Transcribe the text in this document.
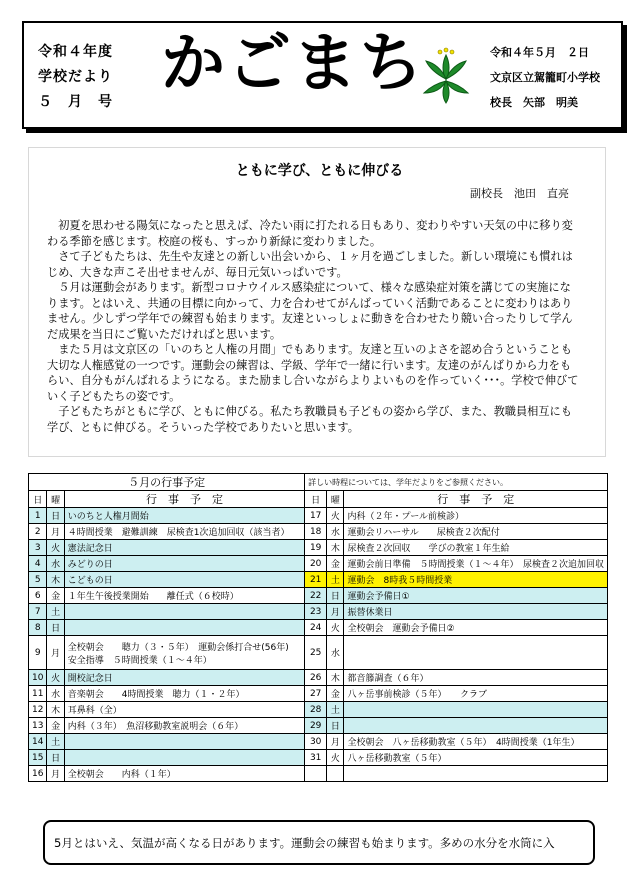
令和４年度
学校だより
５　月　号
かごまち	令和４年５月　２日
文京区立駕籠町小学校
校長　矢部　明美
ともに学び、ともに伸びる
副校長　池田　直亮

初夏を思わせる陽気になったと思えば、冷たい雨に打たれる日もあり、変わりやすい天気の中に移り変わる季節を感じます。校庭の桜も、すっかり新緑に変わりました。

さて子どもたちは、先生や友達との新しい出会いから、１ヶ月を過ごしました。新しい環境にも慣れはじめ、大きな声こそ出せませんが、毎日元気いっぱいです。

５月は運動会があります。新型コロナウイルス感染症について、様々な感染症対策を講じての実施になります。とはいえ、共通の目標に向かって、力を合わせてがんばっていく活動であることに変わりはありません。少しずつ学年での練習も始まります。友達といっしょに動きを合わせたり競い合ったりして学んだ成果を当日にご覧いただければと思います。

また５月は文京区の「いのちと人権の月間」でもあります。友達と互いのよさを認め合うということも大切な人権感覚の一つです。運動会の練習は、学級、学年で一緒に行います。友達のがんばりから力をもらい、自分もがんばれるようになる。また励まし合いながらよりよいものを作っていく･･･。学校で伸びていく子どもたちの姿です。

子どもたちがともに学び、ともに伸びる。私たち教職員も子どもの姿から学び、また、教職員相互にも学び、ともに伸びる。そういった学校でありたいと思います。

５月の行事予定			詳しい時程については、学年だよりをご参照ください。		
日	曜	行　事　予　定	日	曜	行　事　予　定
1	日	いのちと人権月間始	17	火	内科（２年・プール前検診）
2	月	４時間授業　避難訓練　尿検査1次追加回収（該当者）	18	水	運動会リハーサル　　尿検査２次配付
3	火	憲法記念日	19	木	尿検査２次回収　　学びの教室１年生給
4	水	みどりの日	20	金	運動会前日準備　５時間授業（１～４年）　尿検査２次追加回収
5	木	こどもの日	21	土	運動会　8時我５時間授業
6	金	１年生午後授業開始　　離任式（６校時）	22	日	運動会予備日①
7	土		23	月	振替休業日
8	日		24	火	全校朝会　運動会予備日②
9	月	全校朝会　　聴力（３・５年）　運動会係打合せ(56年)
安全指導　５時間授業（１～４年）	25	水	
10	火	開校記念日	26	木	都音籐調査（６年）
11	水	音楽朝会　　4時間授業　聴力（１・２年）	27	金	八ヶ岳事前検診（５年）　　クラブ
12	木	耳鼻科（全）	28	土	
13	金	内科（３年）　魚沼移動教室説明会（６年）	29	日	
14	土		30	月	全校朝会　八ヶ岳移動教室（５年）　4時間授業（1年生）
15	日		31	火	八ヶ岳移動教室（５年）
16	月	全校朝会　　内科（１年）			
5月とはいえ、気温が高くなる日があります。運動会の練習も始まります。多めの水分を水筒に入
